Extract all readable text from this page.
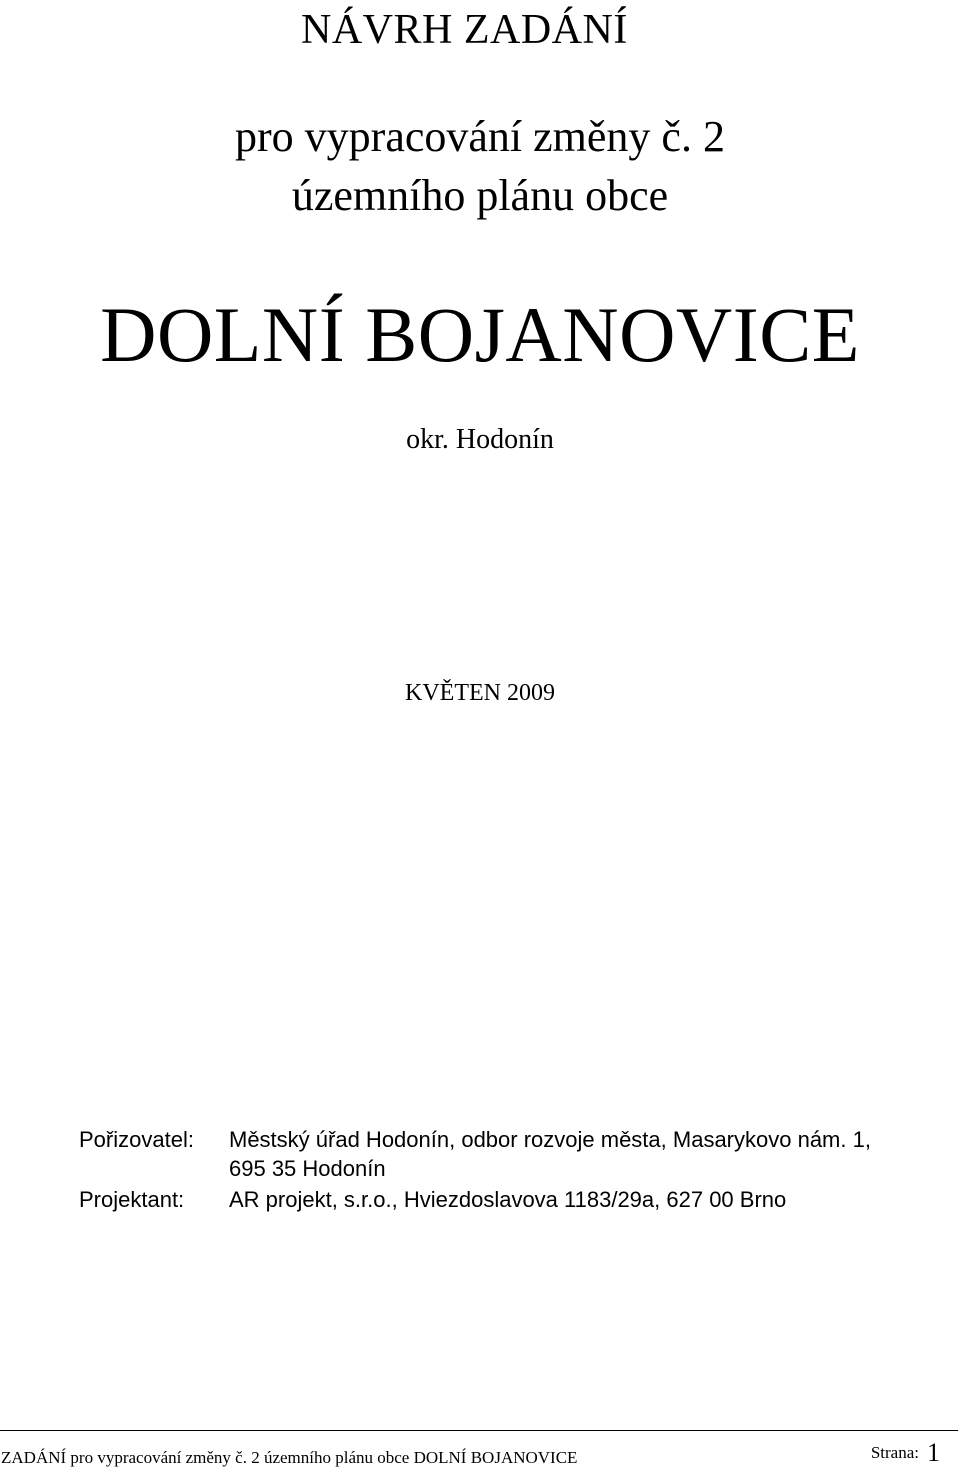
NÁVRH ZADÁNÍ
pro vypracování změny č. 2
územního plánu obce
DOLNÍ BOJANOVICE
okr. Hodonín
KVĚTEN 2009
Pořizovatel: Městský úřad Hodonín, odbor rozvoje města, Masarykovo nám. 1,
695 35 Hodonín
Projektant: AR projekt, s.r.o., Hviezdoslavova 1183/29a, 627 00 Brno
ZADÁNÍ pro vypracování změny č. 2 územního plánu obce DOLNÍ BOJANOVICE	Strana: 1
